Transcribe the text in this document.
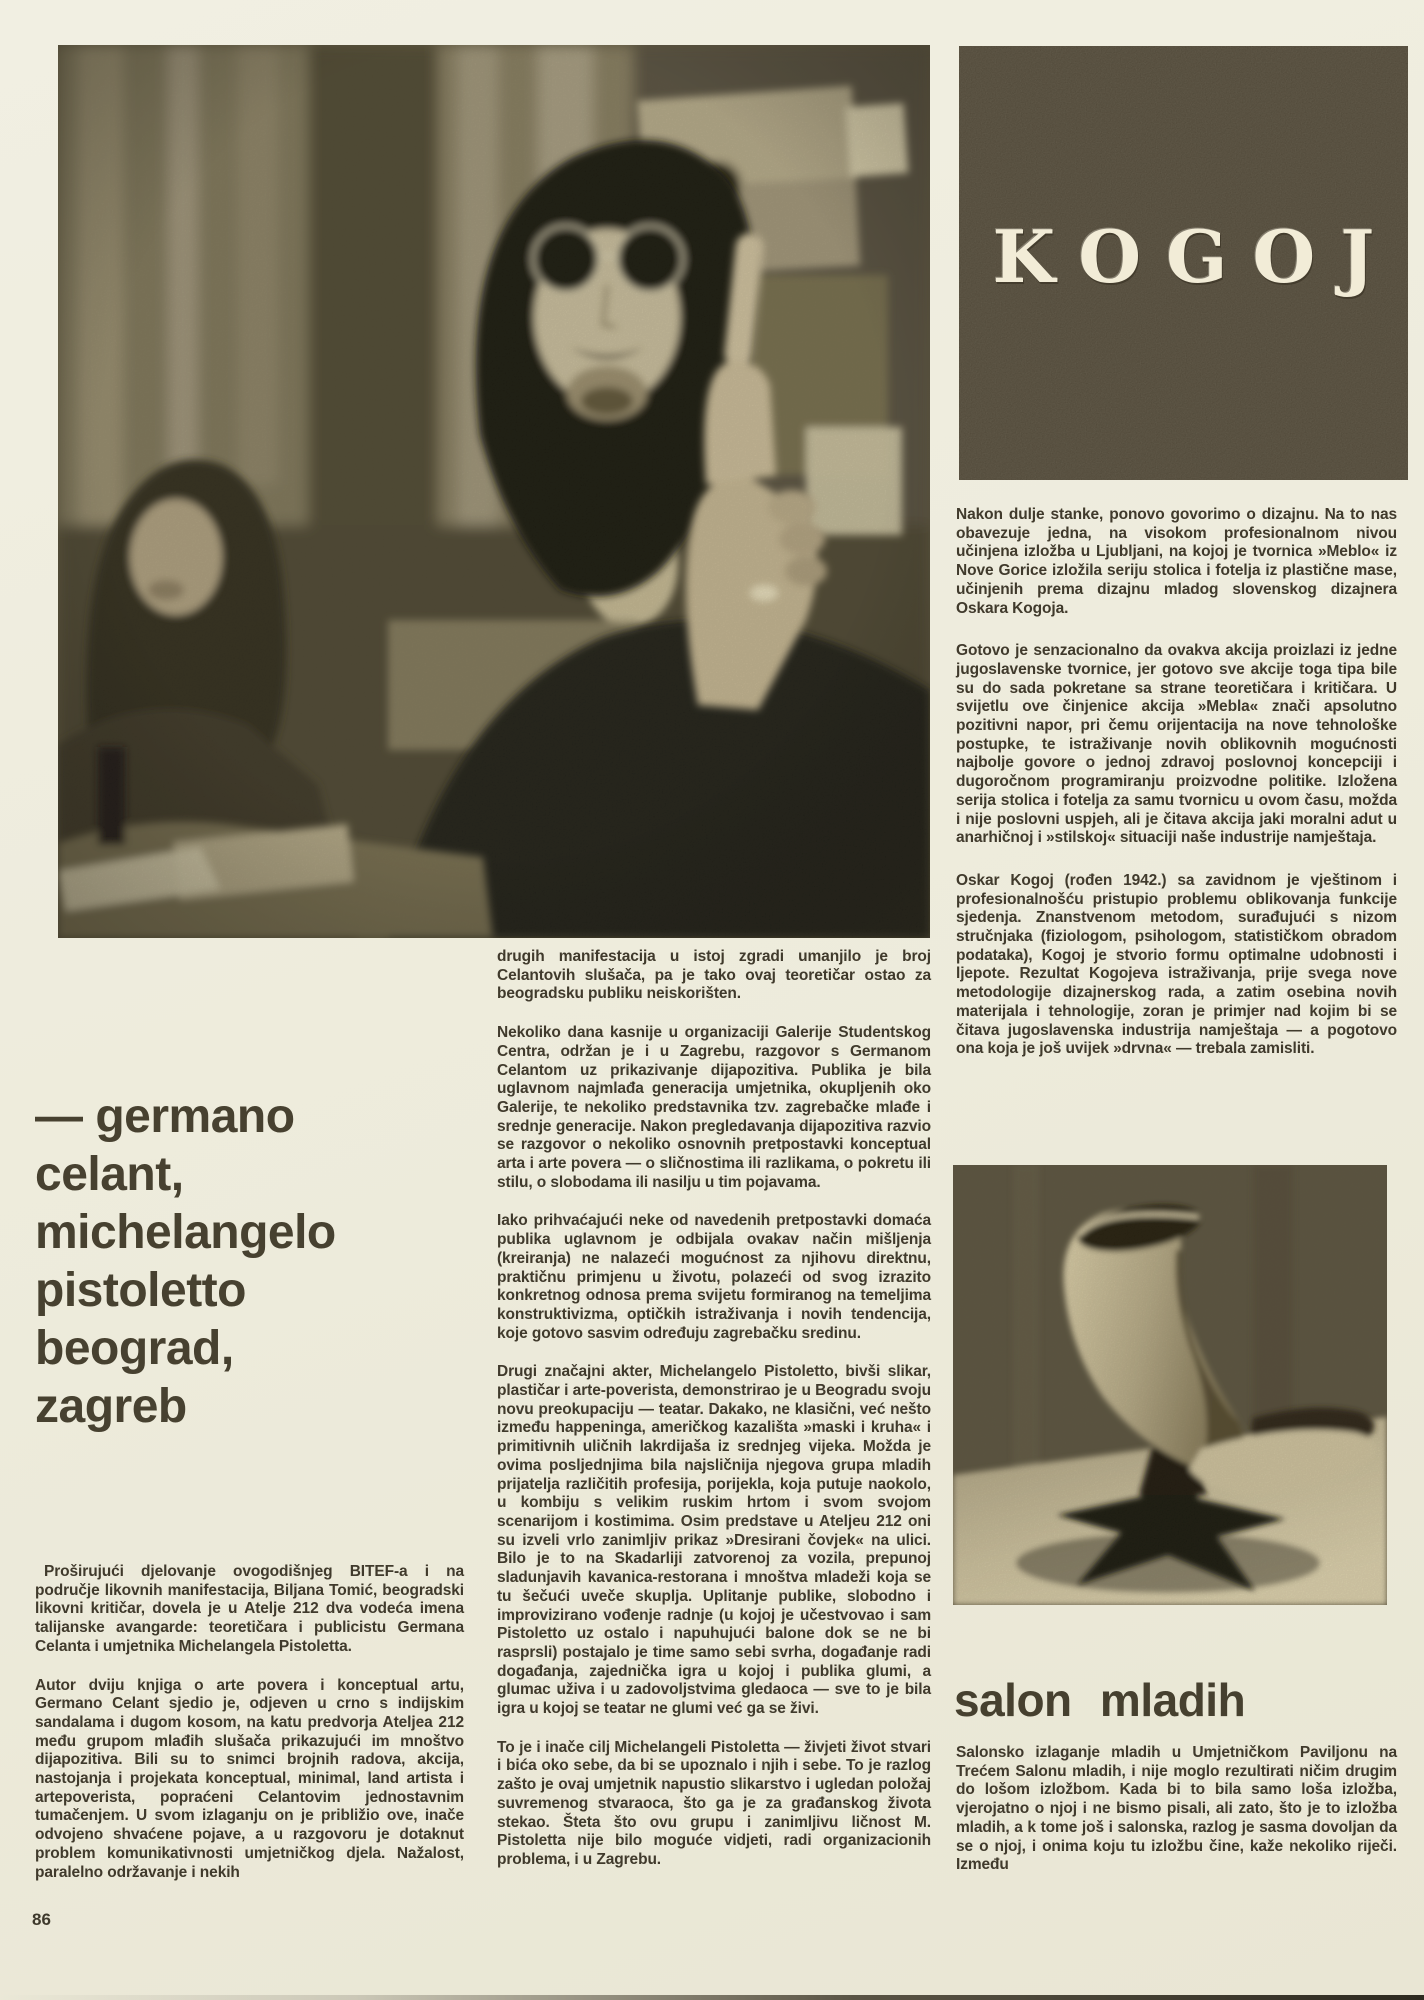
KOGOJ

Nakon dulje stanke, ponovo govorimo o dizajnu. Na to nas obavezuje jedna, na visokom profesionalnom nivou učinjena izložba u Ljubljani, na kojoj je tvornica »Meblo« iz Nove Gorice izložila seriju stolica i fotelja iz plastične mase, učinjenih prema dizajnu mladog slovenskog dizajnera Oskara Kogoja.

Gotovo je senzacionalno da ovakva akcija proizlazi iz jedne jugoslavenske tvornice, jer gotovo sve akcije toga tipa bile su do sada pokretane sa strane teoretičara i kritičara. U svijetlu ove činjenice akcija »Mebla« znači apsolutno pozitivni napor, pri čemu orijentacija na nove tehnološke postupke, te istraživanje novih oblikovnih mogućnosti najbolje govore o jednoj zdravoj poslovnoj koncepciji i dugoročnom programiranju proizvodne politike. Izložena serija stolica i fotelja za samu tvornicu u ovom času, možda i nije poslovni uspjeh, ali je čitava akcija jaki moralni adut u anarhičnoj i »stilskoj« situaciji naše industrije namještaja.

Oskar Kogoj (rođen 1942.) sa zavidnom je vještinom i profesionalnošću pristupio problemu oblikovanja funkcije sjedenja. Znanstvenom metodom, surađujući s nizom stručnjaka (fiziologom, psihologom, statističkom obradom podataka), Kogoj je stvorio formu optimalne udobnosti i ljepote. Rezultat Kogojeva istraživanja, prije svega nove metodologije dizajnerskog rada, a zatim osebina novih materijala i tehnologije, zoran je primjer nad kojim bi se čitava jugoslavenska industrija namještaja — a pogotovo ona koja je još uvijek »drvna« — trebala zamisliti.

salon mladih

Salonsko izlaganje mladih u Umjetničkom Paviljonu na Trećem Salonu mladih, i nije moglo rezultirati ničim drugim do lošom izložbom. Kada bi to bila samo loša izložba, vjerojatno o njoj i ne bismo pisali, ali zato, što je to izložba mladih, a k tome još i salonska, razlog je sasma dovoljan da se o njoj, i onima koju tu izložbu čine, kaže nekoliko riječi. Između

drugih manifestacija u istoj zgradi umanjilo je broj Celantovih slušača, pa je tako ovaj teoretičar ostao za beogradsku publiku neiskorišten.

Nekoliko dana kasnije u organizaciji Galerije Studentskog Centra, održan je i u Zagrebu, razgovor s Germanom Celantom uz prikazivanje dijapozitiva. Publika je bila uglavnom najmlađa generacija umjetnika, okupljenih oko Galerije, te nekoliko predstavnika tzv. zagrebačke mlađe i srednje generacije. Nakon pregledavanja dijapozitiva razvio se razgovor o nekoliko osnovnih pretpostavki konceptual arta i arte povera — o sličnostima ili razlikama, o pokretu ili stilu, o slobodama ili nasilju u tim pojavama.

Iako prihvaćajući neke od navedenih pretpostavki domaća publika uglavnom je odbijala ovakav način mišljenja (kreiranja) ne nalazeći mogućnost za njihovu direktnu, praktičnu primjenu u životu, polazeći od svog izrazito konkretnog odnosa prema svijetu formiranog na temeljima konstruktivizma, optičkih istraživanja i novih tendencija, koje gotovo sasvim određuju zagrebačku sredinu.

Drugi značajni akter, Michelangelo Pistoletto, bivši slikar, plastičar i arte-poverista, demonstrirao je u Beogradu svoju novu preokupaciju — teatar. Dakako, ne klasični, već nešto između happeninga, američkog kazališta »maski i kruha« i primitivnih uličnih lakrdijaša iz srednjeg vijeka. Možda je ovima posljednjima bila najsličnija njegova grupa mladih prijatelja različitih profesija, porijekla, koja putuje naokolo, u kombiju s velikim ruskim hrtom i svom svojom scenarijom i kostimima. Osim predstave u Ateljeu 212 oni su izveli vrlo zanimljiv prikaz »Dresirani čovjek« na ulici. Bilo je to na Skadarliji zatvorenoj za vozila, prepunoj sladunjavih kavanica-restorana i mnoštva mladeži koja se tu šečući uveče skuplja. Uplitanje publike, slobodno i improvizirano vođenje radnje (u kojoj je učestvovao i sam Pistoletto uz ostalo i napuhujući balone dok se ne bi rasprsli) postajalo je time samo sebi svrha, događanje radi događanja, zajednička igra u kojoj i publika glumi, a glumac uživa i u zadovoljstvima gledaoca — sve to je bila igra u kojoj se teatar ne glumi već ga se živi.

To je i inače cilj Michelangeli Pistoletta — živjeti život stvari i bića oko sebe, da bi se upoznalo i njih i sebe. To je razlog zašto je ovaj umjetnik napustio slikarstvo i ugledan položaj suvremenog stvaraoca, što ga je za građanskog života stekao. Šteta što ovu grupu i zanimljivu ličnost M. Pistoletta nije bilo moguće vidjeti, radi organizacionih problema, i u Zagrebu.

— germano
celant,
michelangelo
pistoletto
beograd,
zagreb

Proširujući djelovanje ovogodišnjeg BITEF-a i na područje likovnih manifestacija, Biljana Tomić, beogradski likovni kritičar, dovela je u Atelje 212 dva vodeća imena talijanske avangarde: teoretičara i publicistu Germana Celanta i umjetnika Michelangela Pistoletta.

Autor dviju knjiga o arte povera i konceptual artu, Germano Celant sjedio je, odjeven u crno s indijskim sandalama i dugom kosom, na katu predvorja Ateljea 212 među grupom mlađih slušača prikazujući im mnoštvo dijapozitiva. Bili su to snimci brojnih radova, akcija, nastojanja i projekata konceptual, minimal, land artista i artepoverista, popraćeni Celantovim jednostavnim tumačenjem. U svom izlaganju on je približio ove, inače odvojeno shvaćene pojave, a u razgovoru je dotaknut problem komunikativnosti umjetničkog djela. Nažalost, paralelno održavanje i nekih

86
